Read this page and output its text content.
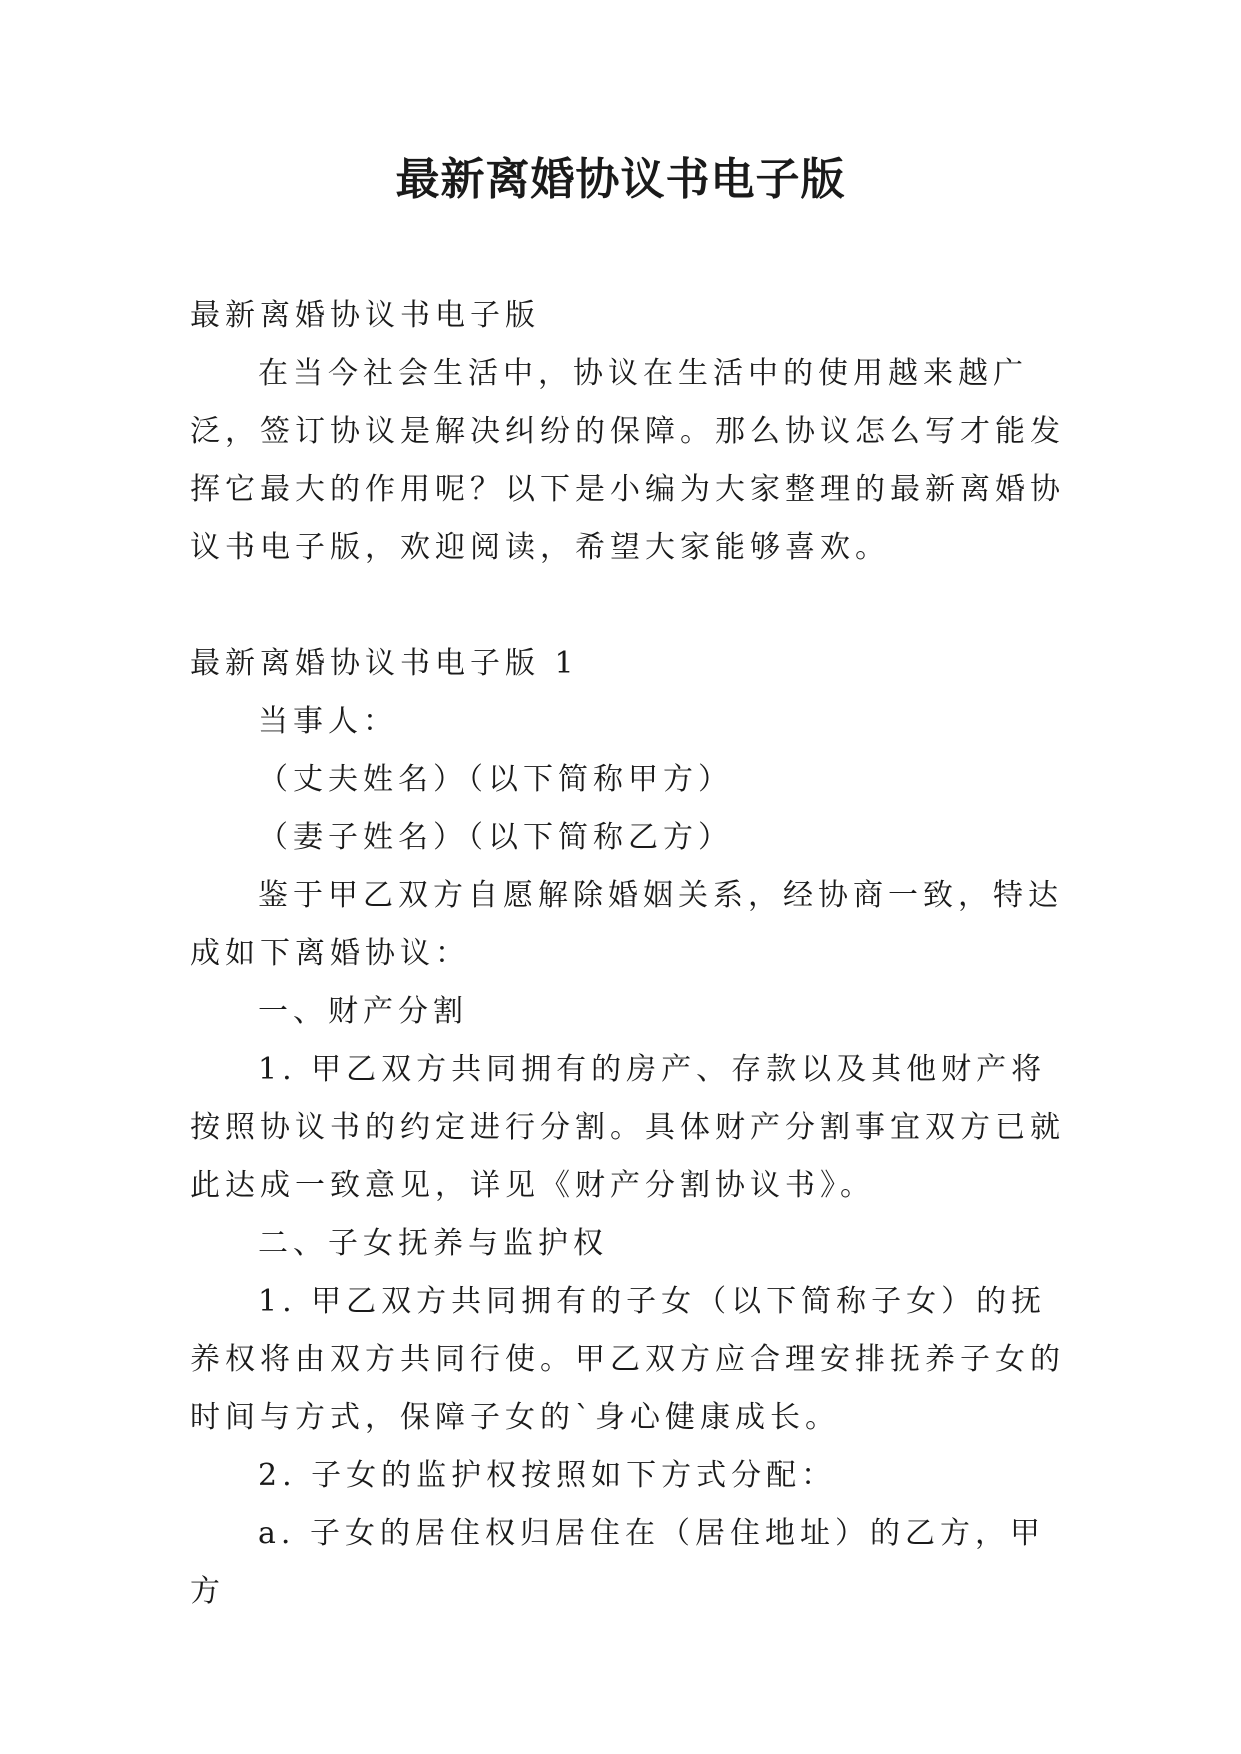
最新离婚协议书电子版

最新离婚协议书电子版

在当今社会生活中，协议在生活中的使用越来越广泛，签订协议是解决纠纷的保障。那么协议怎么写才能发挥它最大的作用呢？以下是小编为大家整理的最新离婚协议书电子版，欢迎阅读，希望大家能够喜欢。

最新离婚协议书电子版 1

当事人：

（丈夫姓名）（以下简称甲方）

（妻子姓名）（以下简称乙方）

鉴于甲乙双方自愿解除婚姻关系，经协商一致，特达成如下离婚协议：

一、财产分割

1. 甲乙双方共同拥有的房产、存款以及其他财产将按照协议书的约定进行分割。具体财产分割事宜双方已就此达成一致意见，详见《财产分割协议书》。

二、子女抚养与监护权

1. 甲乙双方共同拥有的子女（以下简称子女）的抚养权将由双方共同行使。甲乙双方应合理安排抚养子女的时间与方式，保障子女的`身心健康成长。

2. 子女的监护权按照如下方式分配：

a. 子女的居住权归居住在（居住地址）的乙方，甲方
